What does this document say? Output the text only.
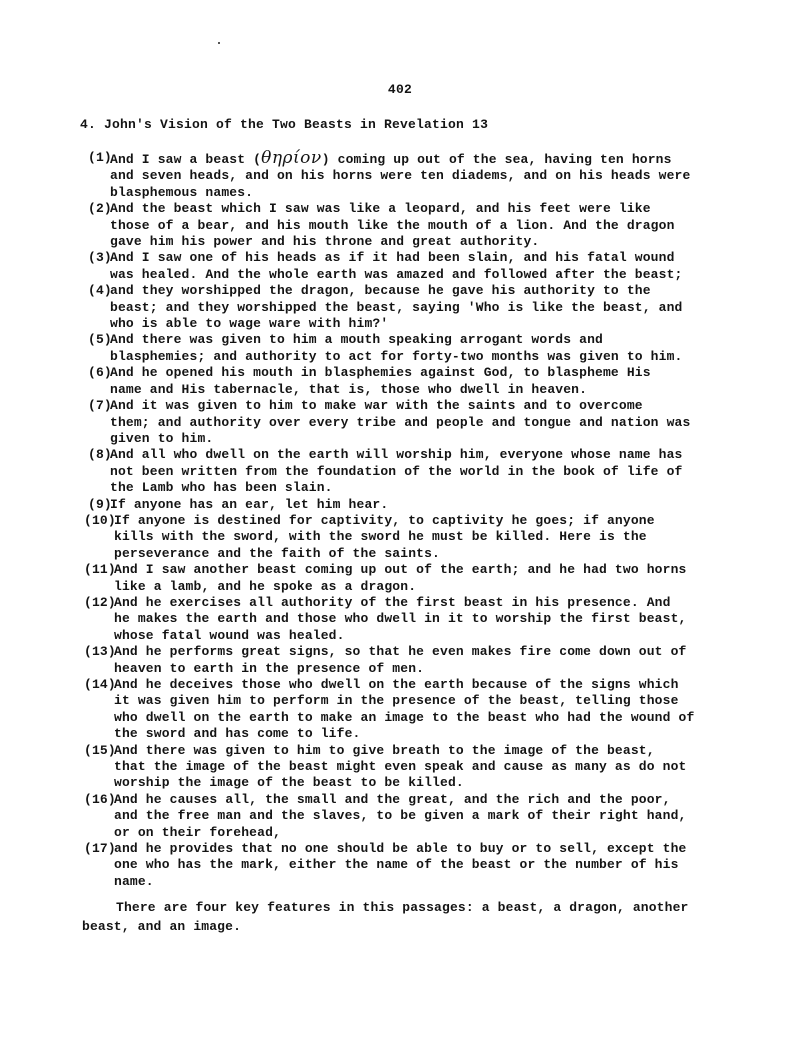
402
4. John's Vision of the Two Beasts in Revelation 13
(1)
And I saw a beast (θηρίον) coming up out of the sea, having ten horns
and seven heads, and on his horns were ten diadems, and on his heads were
blasphemous names.
(2)
And the beast which I saw was like a leopard, and his feet were like
those of a bear, and his mouth like the mouth of a lion. And the dragon
gave him his power and his throne and great authority.
(3)
And I saw one of his heads as if it had been slain, and his fatal wound
was healed. And the whole earth was amazed and followed after the beast;
(4)
and they worshipped the dragon, because he gave his authority to the
beast; and they worshipped the beast, saying 'Who is like the beast, and
who is able to wage ware with him?'
(5)
And there was given to him a mouth speaking arrogant words and
blasphemies; and authority to act for forty-two months was given to him.
(6)
And he opened his mouth in blasphemies against God, to blaspheme His
name and His tabernacle, that is, those who dwell in heaven.
(7)
And it was given to him to make war with the saints and to overcome
them; and authority over every tribe and people and tongue and nation was
given to him.
(8)
And all who dwell on the earth will worship him, everyone whose name has
not been written from the foundation of the world in the book of life of
the Lamb who has been slain.
(9)
If anyone has an ear, let him hear.
(10)
If anyone is destined for captivity, to captivity he goes; if anyone
kills with the sword, with the sword he must be killed. Here is the
perseverance and the faith of the saints.
(11)
And I saw another beast coming up out of the earth; and he had two horns
like a lamb, and he spoke as a dragon.
(12)
And he exercises all authority of the first beast in his presence. And
he makes the earth and those who dwell in it to worship the first beast,
whose fatal wound was healed.
(13)
And he performs great signs, so that he even makes fire come down out of
heaven to earth in the presence of men.
(14)
And he deceives those who dwell on the earth because of the signs which
it was given him to perform in the presence of the beast, telling those
who dwell on the earth to make an image to the beast who had the wound of
the sword and has come to life.
(15)
And there was given to him to give breath to the image of the beast,
that the image of the beast might even speak and cause as many as do not
worship the image of the beast to be killed.
(16)
And he causes all, the small and the great, and the rich and the poor,
and the free man and the slaves, to be given a mark of their right hand,
or on their forehead,
(17)
and he provides that no one should be able to buy or to sell, except the
one who has the mark, either the name of the beast or the number of his
name.
There are four key features in this passages: a beast, a dragon, another
beast, and an image.
